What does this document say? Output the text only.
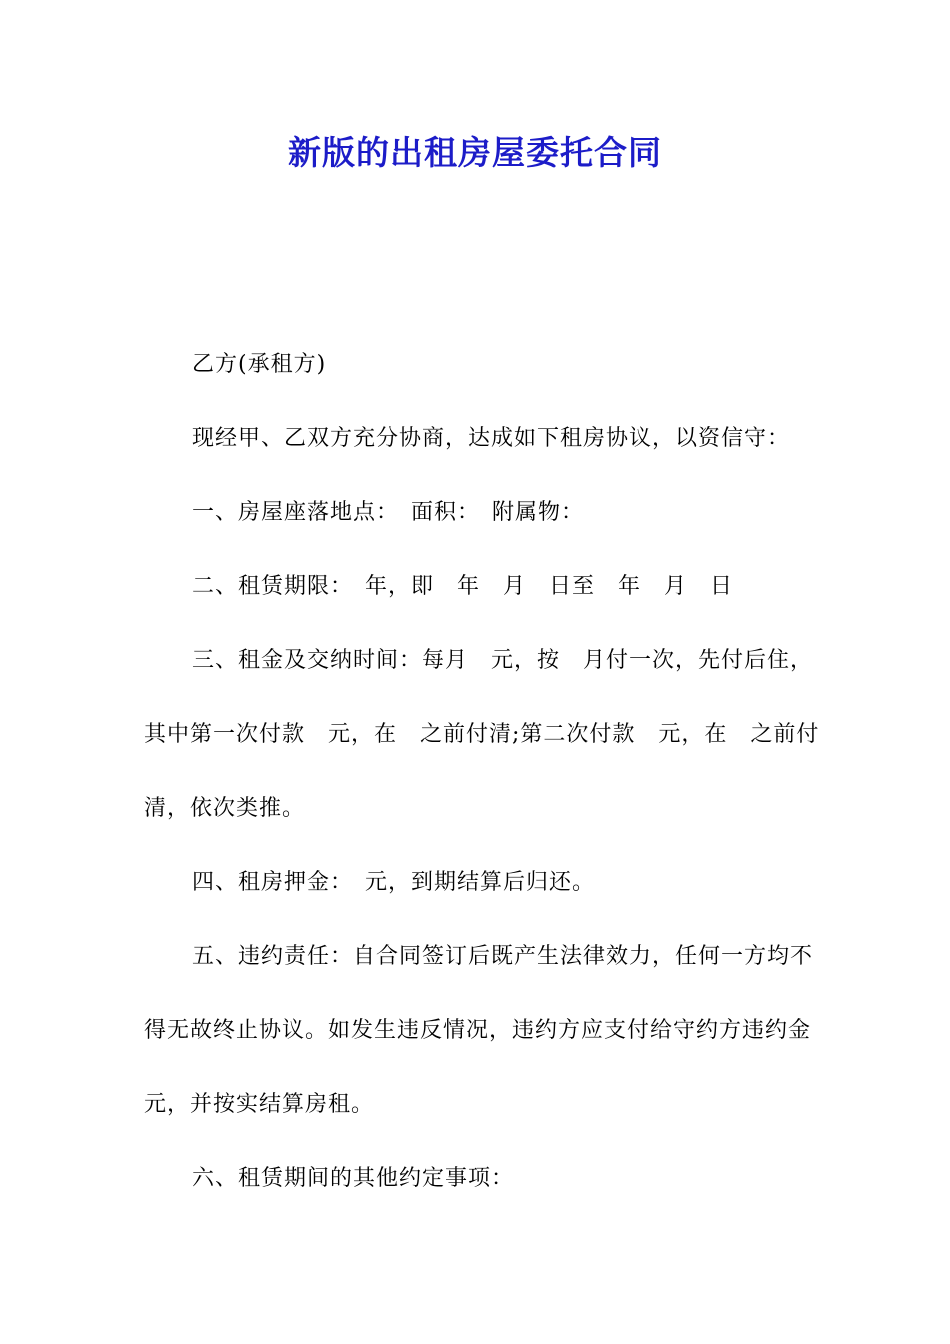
新版的出租房屋委托合同

乙方(承租方)

现经甲、乙双方充分协商，达成如下租房协议，以资信守：

一、房屋座落地点：　面积：　附属物：

二、租赁期限：　年，即　年　月　日至　年　月　日

三、租金及交纳时间：每月　元，按　月付一次，先付后住，其中第一次付款　元，在　之前付清;第二次付款　元，在　之前付清，依次类推。

四、租房押金：　元，到期结算后归还。

五、违约责任：自合同签订后既产生法律效力，任何一方均不得无故终止协议。如发生违反情况，违约方应支付给守约方违约金　元，并按实结算房租。

六、租赁期间的其他约定事项：
